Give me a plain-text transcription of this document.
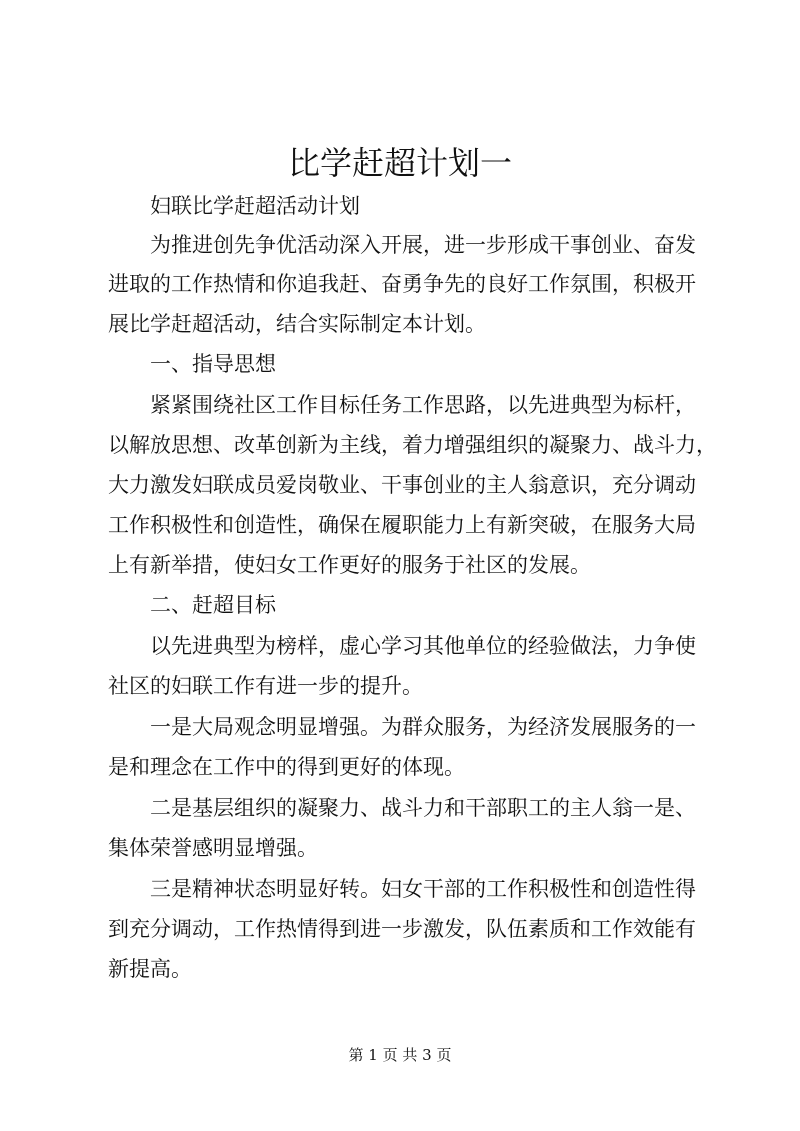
比学赶超计划一

妇联比学赶超活动计划

为推进创先争优活动深入开展，进一步形成干事创业、奋发

进取的工作热情和你追我赶、奋勇争先的良好工作氛围，积极开

展比学赶超活动，结合实际制定本计划。

一、指导思想

紧紧围绕社区工作目标任务工作思路，以先进典型为标杆，

以解放思想、改革创新为主线，着力增强组织的凝聚力、战斗力，

大力激发妇联成员爱岗敬业、干事创业的主人翁意识，充分调动

工作积极性和创造性，确保在履职能力上有新突破，在服务大局

上有新举措，使妇女工作更好的服务于社区的发展。

二、赶超目标

以先进典型为榜样，虚心学习其他单位的经验做法，力争使

社区的妇联工作有进一步的提升。

一是大局观念明显增强。为群众服务，为经济发展服务的一

是和理念在工作中的得到更好的体现。

二是基层组织的凝聚力、战斗力和干部职工的主人翁一是、

集体荣誉感明显增强。

三是精神状态明显好转。妇女干部的工作积极性和创造性得

到充分调动，工作热情得到进一步激发，队伍素质和工作效能有

新提高。

第 1 页 共 3 页
